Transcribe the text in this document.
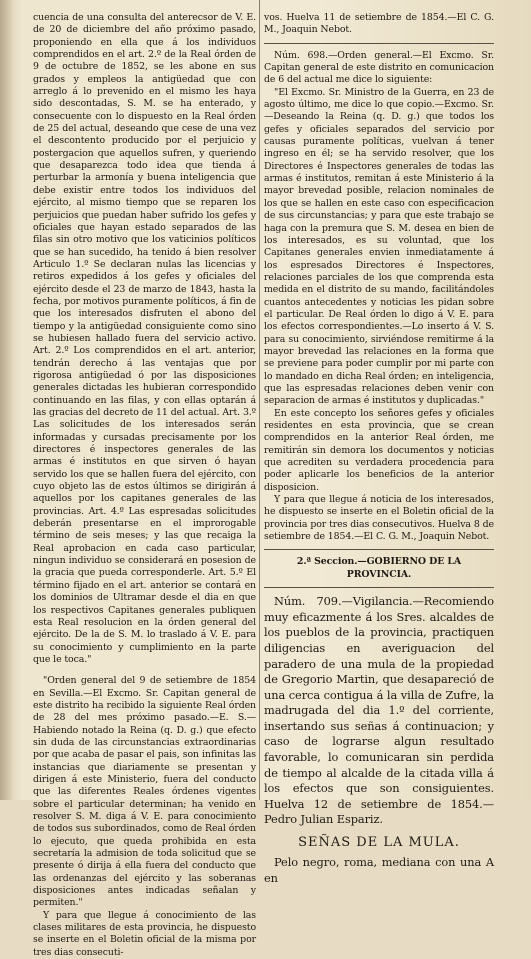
cuencia de una consulta del anterecsor de V. E. de 20 de diciembre del año próximo pasado, proponiendo en ella que á los individuos comprendidos en el art. 2.º de la Real órden de 9 de octubre de 1852, se les abone en sus grados y empleos la antigüedad que con arreglo á lo prevenido en el mismo les haya sido descontadas, S. M. se ha enterado, y consecuente con lo dispuesto en la Real órden de 25 del actual, deseando que cese de una vez el descontento producido por el perjuicio y postergacion que aquellos sufren, y queriendo que desaparezca todo idea que tienda á perturbar la armonía y buena inteligencia que debe existir entre todos los individuos del ejército, al mismo tiempo que se reparen los perjuicios que puedan haber sufrido los gefes y oficiales que hayan estado separados de las filas sin otro motivo que los vaticinios políticos que se han sucedido, ha tenido á bien resolver Articulo 1.º Se declaran nulas las licencias y retiros expedidos á los gefes y oficiales del ejército desde el 23 de marzo de 1843, hasta la fecha, por motivos puramente políticos, á fin de que los interesados disfruten el abono del tiempo y la antigüedad consiguiente como sino se hubiesen hallado fuera del servicio activo. Art. 2.º Los comprendidos en el art. anterior, tendrán derecho á las ventajas que por rigorosa antigüedad ó por las disposiciones generales dictadas les hubieran correspondido continuando en las filas, y con ellas optarán á las gracias del decreto de 11 del actual. Art. 3.º Las solicitudes de los interesados serán informadas y cursadas precisamente por los directores é inspectores generales de las armas é institutos en que sirven ó hayan servido los que se hallen fuera del ejército, con cuyo objeto las de estos últimos se dirigirán á aquellos por los capitanes generales de las provincias. Art. 4.º Las espresadas solicitudes deberán presentarse en el improrogable término de seis meses; y las que recaiga la Real aprobacion en cada caso particular, ningun individuo se considerará en posesion de la gracia que pueda corresponderle. Art. 5.º El término fijado en el art. anterior se contará en los dominios de Ultramar desde el dia en que los respectivos Capitanes generales publiquen esta Real resolucion en la órden general del ejército. De la de S. M. lo traslado á V. E. para su conocimiento y cumplimiento en la parte que le toca."

"Orden general del 9 de setiembre de 1854 en Sevilla.—El Excmo. Sr. Capitan general de este distrito ha recibido la siguiente Real órden de 28 del mes próximo pasado.—E. S.—Habiendo notado la Reina (q. D. g.) que efecto sin duda de las circunstancias extraordinarias por que acaba de pasar el pais, son infinitas las instancias que diariamente se presentan y dirigen á este Ministerio, fuera del conducto que las diferentes Reales órdenes vigentes sobre el particular determinan; ha venido en resolver S. M. diga á V. E. para conocimiento de todos sus subordinados, como de Real órden lo ejecuto, que queda prohibida en esta secretaría la admision de toda solicitud que se presente ó dirija á ella fuera del conducto que las ordenanzas del ejército y las soberanas disposiciones antes indicadas señalan y permiten."

Y para que llegue á conocimiento de las clases militares de esta provincia, he dispuesto se inserte en el Boletin oficial de la misma por tres dias consecuti-

vos. Huelva 11 de setiembre de 1854.—El C. G. M., Joaquin Nebot.

Núm. 698.—Orden general.—El Excmo. Sr. Capitan general de este distrito en comunicacion de 6 del actual me dice lo siguiente:

"El Excmo. Sr. Ministro de la Guerra, en 23 de agosto último, me dice lo que copio.—Excmo. Sr.—Deseando la Reina (q. D. g.) que todos los gefes y oficiales separados del servicio por causas puramente políticas, vuelvan á tener ingreso en él; se ha servido resolver, que los Directores é Inspectores generales de todas las armas é institutos, remitan á este Ministerio á la mayor brevedad posible, relacion nominales de los que se hallen en este caso con especificacion de sus circunstancias; y para que este trabajo se haga con la premura que S. M. desea en bien de los interesados, es su voluntad, que los Capitanes generales envien inmediatamente á los espresados Directores é Inspectores, relaciones parciales de los que comprenda esta medida en el distrito de su mando, facilitándoles cuantos antecedentes y noticias les pidan sobre el particular. De Real órden lo digo á V. E. para los efectos correspondientes.—Lo inserto á V. S. para su conocimiento, sirviéndose remitirme á la mayor brevedad las relaciones en la forma que se previene para poder cumplir por mi parte con lo mandado en dicha Real órden; en inteligencia, que las espresadas relaciones deben venir con separacion de armas é institutos y duplicadas."

En este concepto los señores gefes y oficiales residentes en esta provincia, que se crean comprendidos en la anterior Real órden, me remitirán sin demora los documentos y noticias que acrediten su verdadera procedencia para poder aplicarle los beneficios de la anterior disposicion.

Y para que llegue á noticia de los interesados, he dispuesto se inserte en el Boletin oficial de la provincia por tres dias consecutivos. Huelva 8 de setiembre de 1854.—El C. G. M., Joaquin Nebot.

2.ª Seccion.—GOBIERNO DE LA PROVINCIA.

Núm. 709.—Vigilancia.—Recomiendo muy eficazmente á los Sres. alcaldes de los pueblos de la provincia, practiquen diligencias en averiguacion del paradero de una mula de la propiedad de Gregorio Martin, que desapareció de una cerca contigua á la villa de Zufre, la madrugada del dia 1.º del corriente, insertando sus señas á continuacion; y caso de lograrse algun resultado favorable, lo comunicaran sin perdida de tiempo al alcalde de la citada villa á los efectos que son consiguientes. Huelva 12 de setiembre de 1854.—Pedro Julian Espariz.

SEÑAS DE LA MULA.

Pelo negro, roma, mediana con una A en
